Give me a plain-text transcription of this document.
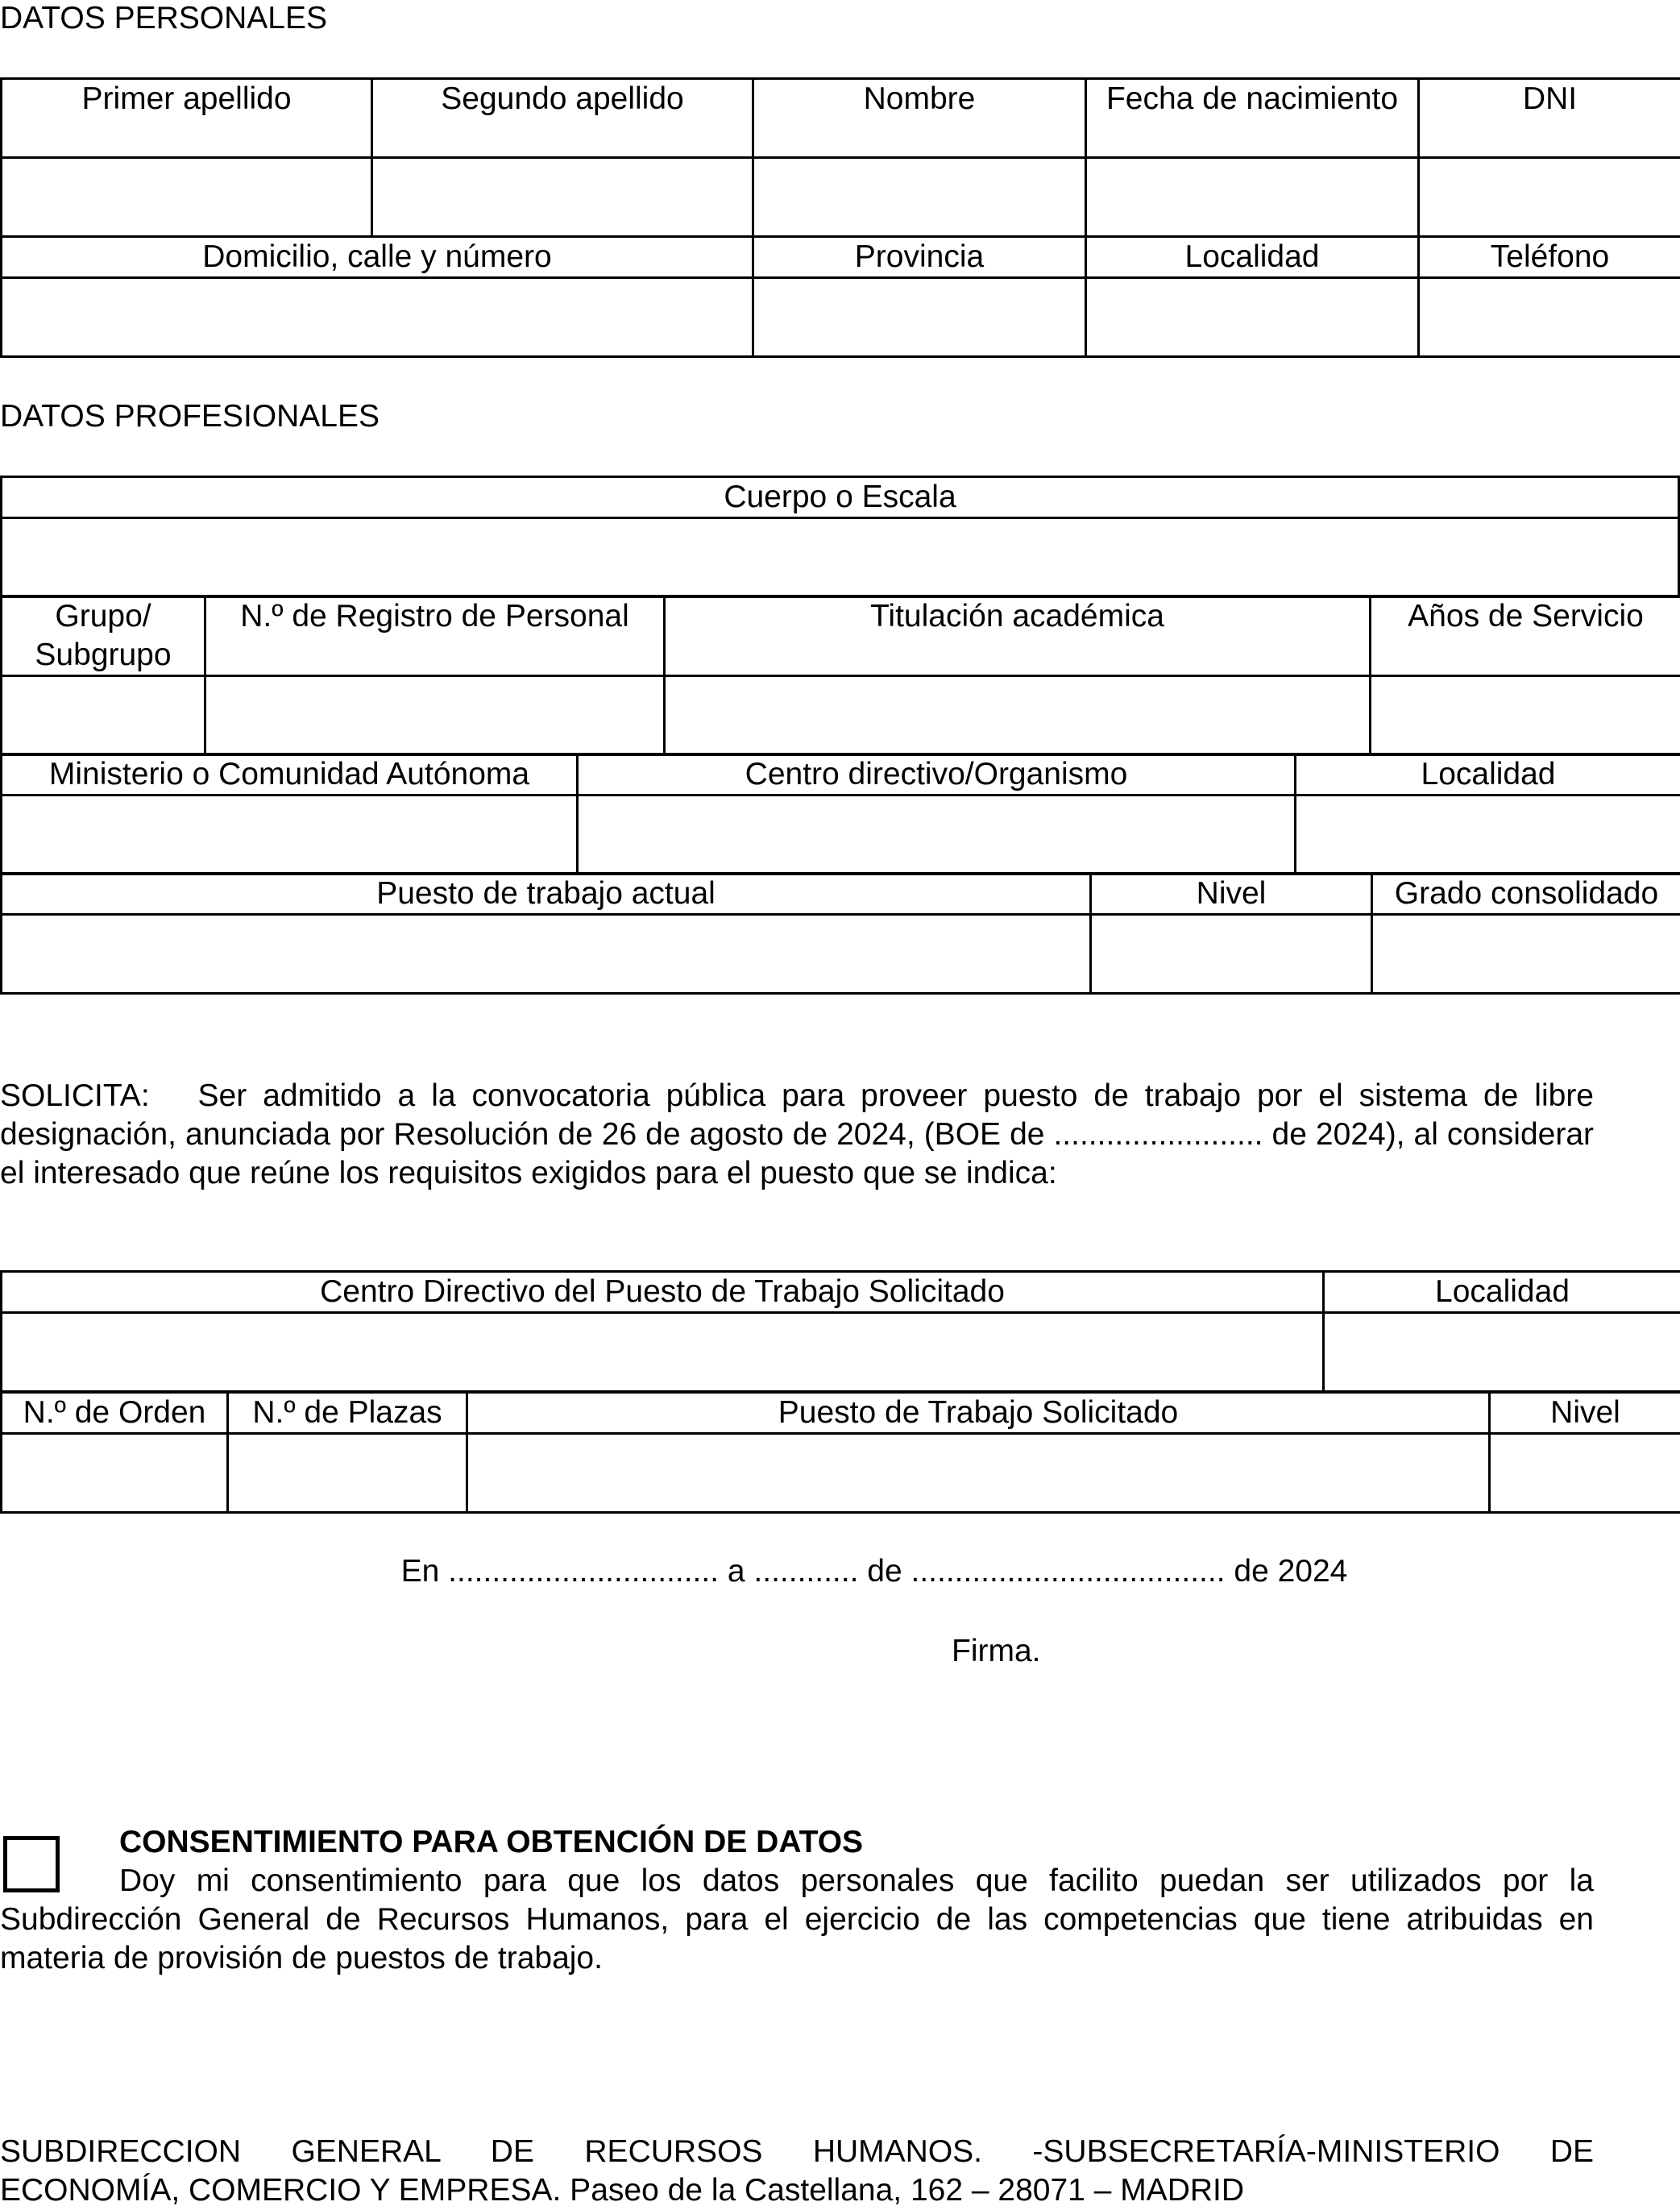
DATOS PERSONALES
Primer apellido	Segundo apellido	Nombre	Fecha de nacimiento	DNI

Domicilio, calle y número		Provincia	Localidad	Teléfono

DATOS PROFESIONALES
Cuerpo o Escala

Grupo/ Subgrupo	N.º de Registro de Personal	Titulación académica	Años de Servicio

Ministerio o Comunidad Autónoma	Centro directivo/Organismo	Localidad

Puesto de trabajo actual	Nivel	Grado consolidado

SOLICITA:   Ser admitido a la convocatoria pública para proveer puesto de trabajo por el sistema de libre designación, anunciada por Resolución de 26 de agosto de 2024, (BOE de ........................ de 2024), al considerar el interesado que reúne los requisitos exigidos para el puesto que se indica:
Centro Directivo del Puesto de Trabajo Solicitado	Localidad

N.º de Orden	N.º de Plazas	Puesto de Trabajo Solicitado	Nivel

En ............................... a ............ de .................................... de 2024
Firma.
CONSENTIMIENTO PARA OBTENCIÓN DE DATOS
Doy mi consentimiento para que los datos personales que facilito puedan ser utilizados por la
Subdirección General de Recursos Humanos, para el ejercicio de las competencias que tiene atribuidas en materia de provisión de puestos de trabajo.
SUBDIRECCION GENERAL DE RECURSOS HUMANOS. -SUBSECRETARÍA-MINISTERIO DE
ECONOMÍA, COMERCIO Y EMPRESA. Paseo de la Castellana, 162 – 28071 – MADRID
